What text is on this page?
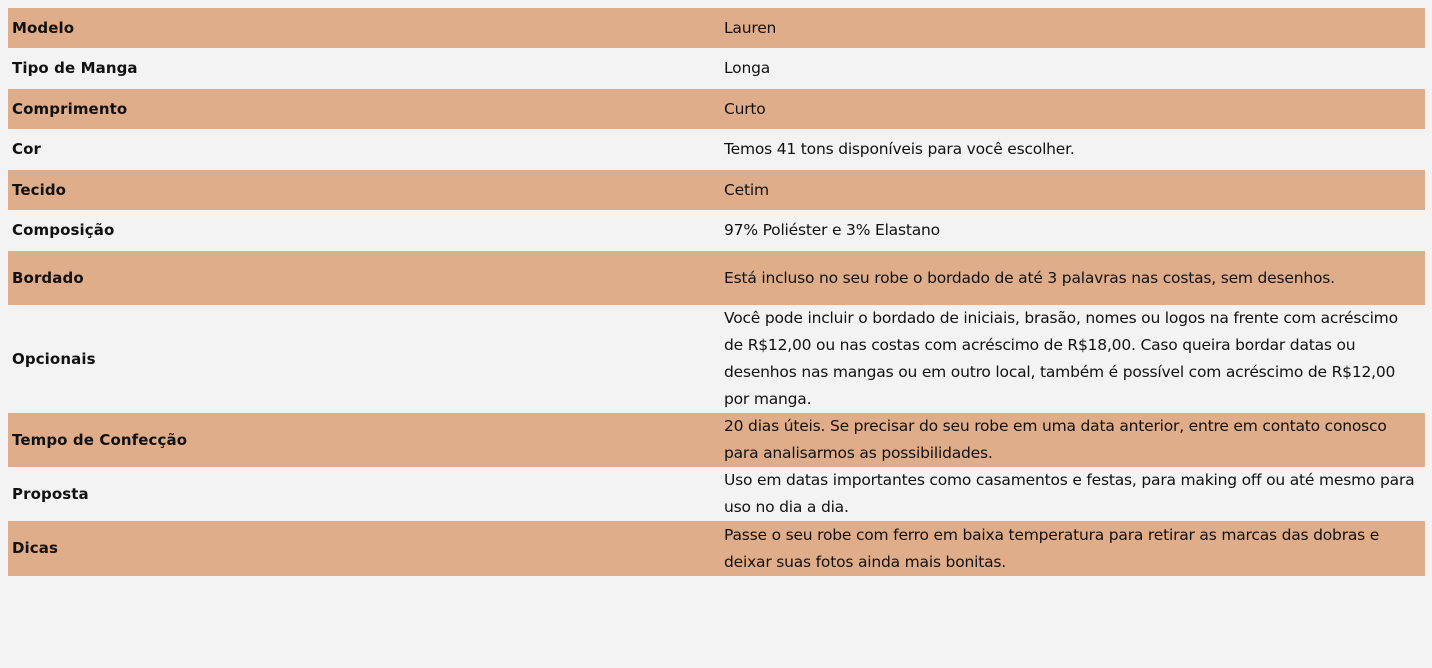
Modelo	Lauren
Tipo de Manga	Longa
Comprimento	Curto
Cor	Temos 41 tons disponíveis para você escolher.
Tecido	Cetim
Composição	97% Poliéster e 3% Elastano
Bordado	Está incluso no seu robe o bordado de até 3 palavras nas costas, sem desenhos.
Opcionais	Você pode incluir o bordado de iniciais, brasão, nomes ou logos na frente com acréscimo de R$12,00 ou nas costas com acréscimo de R$18,00. Caso queira bordar datas ou desenhos nas mangas ou em outro local, também é possível com acréscimo de R$12,00 por manga.
Tempo de Confecção	20 dias úteis. Se precisar do seu robe em uma data anterior, entre em contato conosco para analisarmos as possibilidades.
Proposta	Uso em datas importantes como casamentos e festas, para making off ou até mesmo para uso no dia a dia.
Dicas	Passe o seu robe com ferro em baixa temperatura para retirar as marcas das dobras e deixar suas fotos ainda mais bonitas.
